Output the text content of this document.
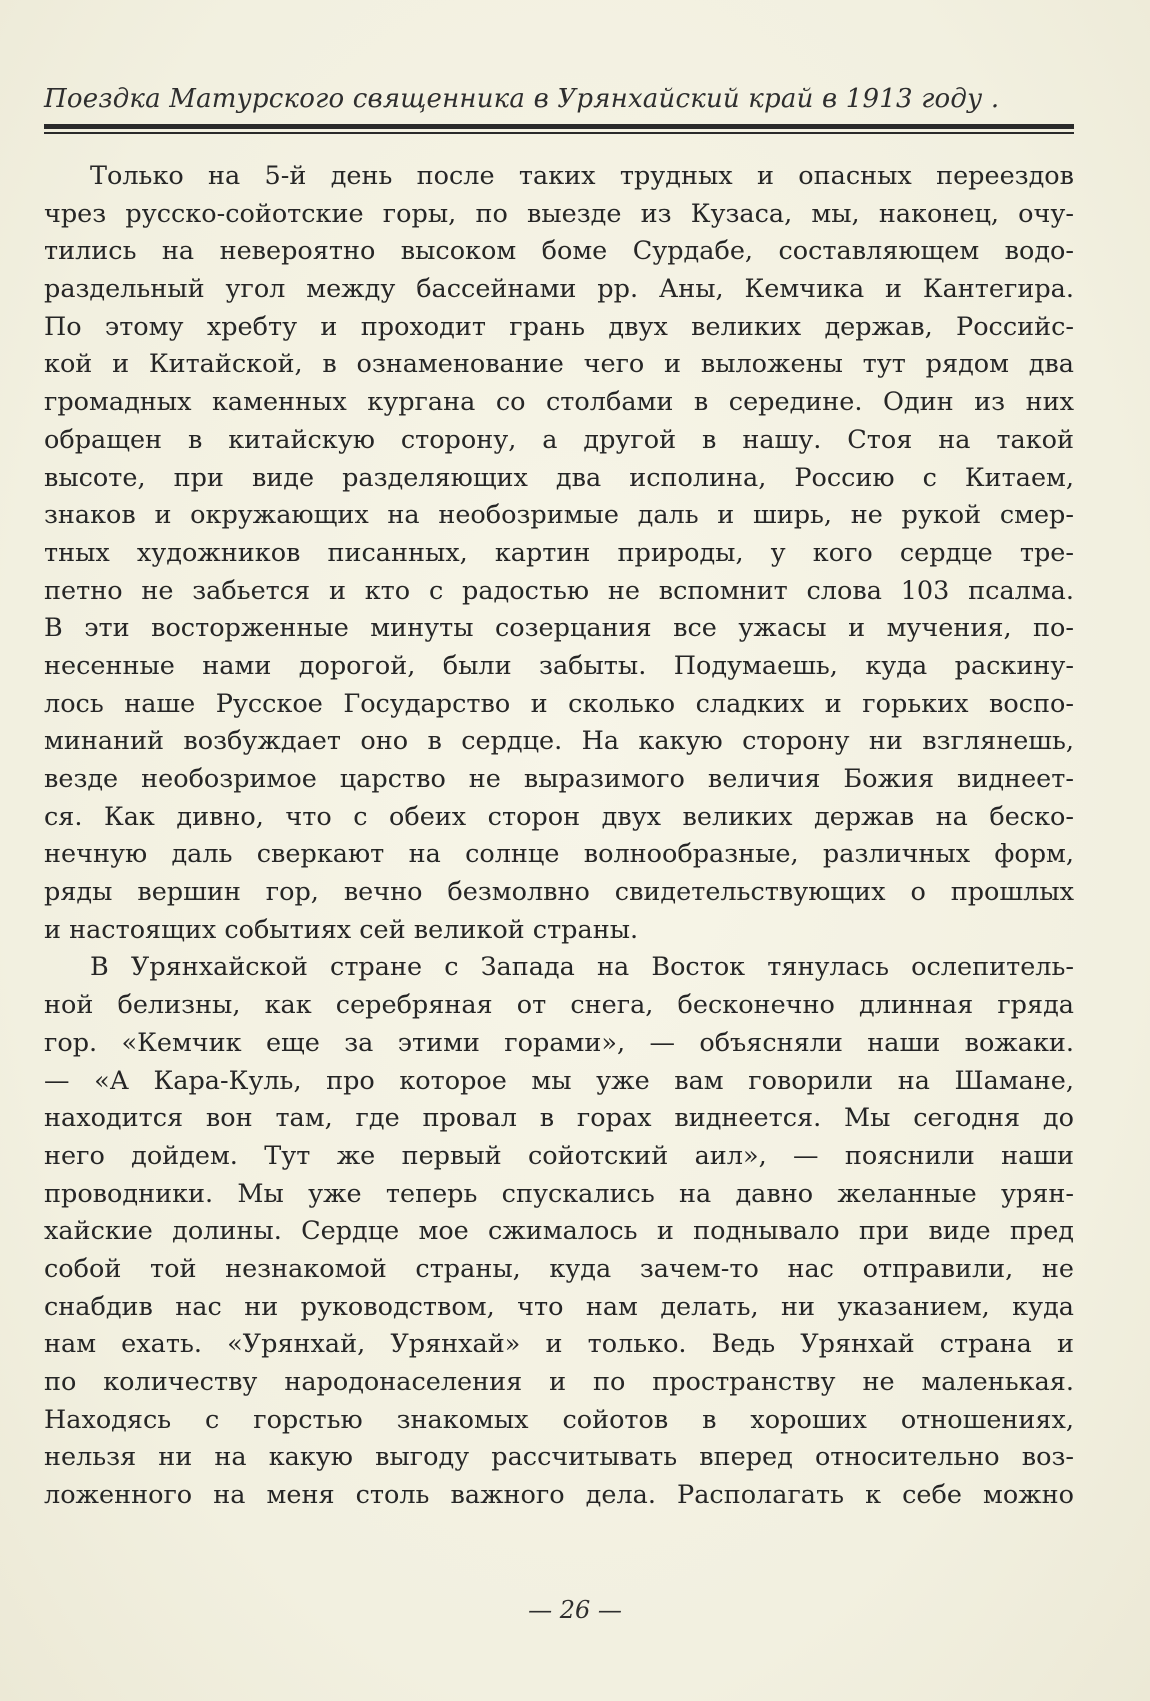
Поездка Матурского священника в Урянхайский край в 1913 году .
Только на 5-й день после таких трудных и опасных переездов
чрез русско-сойотские горы, по выезде из Кузаса, мы, наконец, очу-
тились на невероятно высоком боме Сурдабе, составляющем водо-
раздельный угол между бассейнами рр. Аны, Кемчика и Кантегира.
По этому хребту и проходит грань двух великих держав, Российс-
кой и Китайской, в ознаменование чего и выложены тут рядом два
громадных каменных кургана со столбами в середине. Один из них
обращен в китайскую сторону, а другой в нашу. Стоя на такой
высоте, при виде разделяющих два исполина, Россию с Китаем,
знаков и окружающих на необозримые даль и ширь, не рукой смер-
тных художников писанных, картин природы, у кого сердце тре-
петно не забьется и кто с радостью не вспомнит слова 103 псалма.
В эти восторженные минуты созерцания все ужасы и мучения, по-
несенные нами дорогой, были забыты. Подумаешь, куда раскину-
лось наше Русское Государство и сколько сладких и горьких воспо-
минаний возбуждает оно в сердце. На какую сторону ни взглянешь,
везде необозримое царство не выразимого величия Божия виднеет-
ся. Как дивно, что с обеих сторон двух великих держав на беско-
нечную даль сверкают на солнце волнообразные, различных форм,
ряды вершин гор, вечно безмолвно свидетельствующих о прошлых
и настоящих событиях сей великой страны.
В Урянхайской стране с Запада на Восток тянулась ослепитель-
ной белизны, как серебряная от снега, бесконечно длинная гряда
гор. «Кемчик еще за этими горами», — объясняли наши вожаки.
— «А Кара-Куль, про которое мы уже вам говорили на Шамане,
находится вон там, где провал в горах виднеется. Мы сегодня до
него дойдем. Тут же первый сойотский аил», — пояснили наши
проводники. Мы уже теперь спускались на давно желанные урян-
хайские долины. Сердце мое сжималось и поднывало при виде пред
собой той незнакомой страны, куда зачем-то нас отправили, не
снабдив нас ни руководством, что нам делать, ни указанием, куда
нам ехать. «Урянхай, Урянхай» и только. Ведь Урянхай страна и
по количеству народонаселения и по пространству не маленькая.
Находясь с горстью знакомых сойотов в хороших отношениях,
нельзя ни на какую выгоду рассчитывать вперед относительно воз-
ложенного на меня столь важного дела. Располагать к себе можно
— 26 —
